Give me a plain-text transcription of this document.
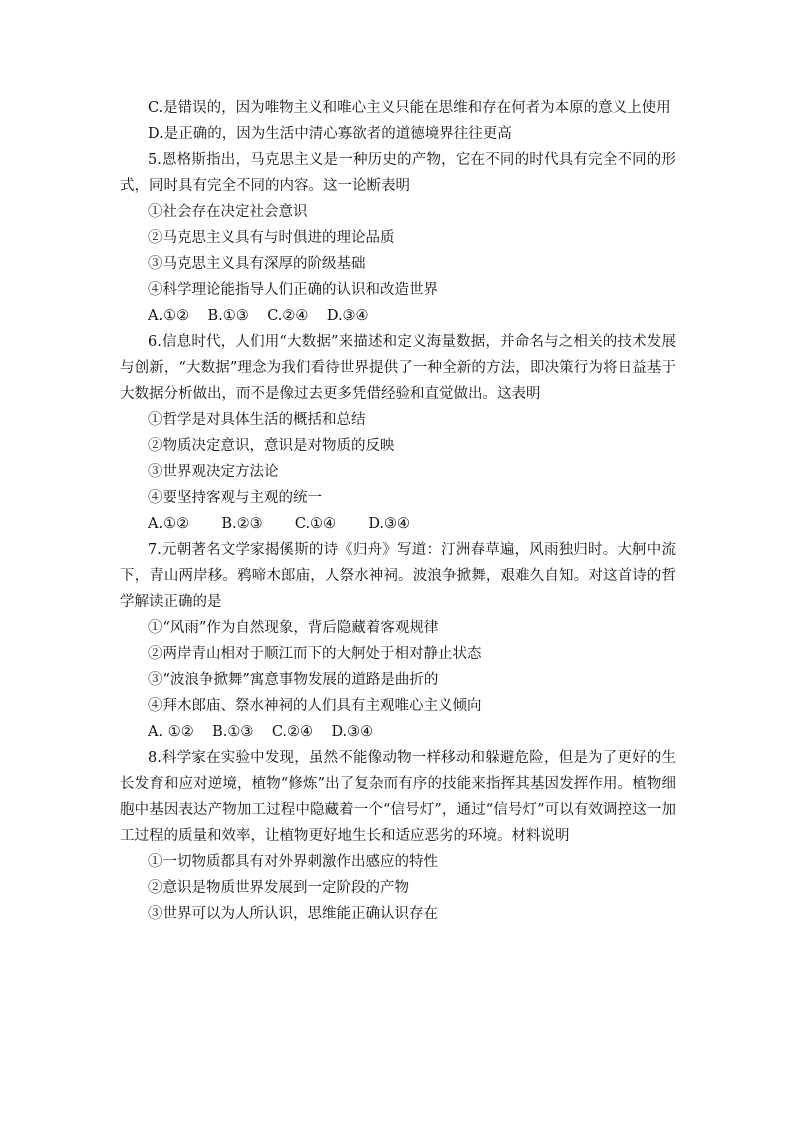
C.是错误的，因为唯物主义和唯心主义只能在思维和存在何者为本原的意义上使用

D.是正确的，因为生活中清心寡欲者的道德境界往往更高

5.恩格斯指出，马克思主义是一种历史的产物，它在不同的时代具有完全不同的形式，同时具有完全不同的内容。这一论断表明

①社会存在决定社会意识

②马克思主义具有与时俱进的理论品质

③马克思主义具有深厚的阶级基础

④科学理论能指导人们正确的认识和改造世界

A.①②    B.①③    C.②④    D.③④

6.信息时代，人们用“大数据”来描述和定义海量数据，并命名与之相关的技术发展与创新，“大数据”理念为我们看待世界提供了一种全新的方法，即决策行为将日益基于大数据分析做出，而不是像过去更多凭借经验和直觉做出。这表明

①哲学是对具体生活的概括和总结

②物质决定意识，意识是对物质的反映

③世界观决定方法论

④要坚持客观与主观的统一

A.①②       B.②③       C.①④       D.③④

7.元朝著名文学家揭傒斯的诗《归舟》写道：汀洲春草遍，风雨独归时。大舸中流下，青山两岸移。鸦啼木郎庙，人祭水神祠。波浪争掀舞，艰难久自知。对这首诗的哲学解读正确的是

①“风雨”作为自然现象，背后隐藏着客观规律

②两岸青山相对于顺江而下的大舸处于相对静止状态

③“波浪争掀舞”寓意事物发展的道路是曲折的

④拜木郎庙、祭水神祠的人们具有主观唯心主义倾向

A. ①②    B.①③    C.②④    D.③④

8.科学家在实验中发现，虽然不能像动物一样移动和躲避危险，但是为了更好的生长发育和应对逆境，植物“修炼”出了复杂而有序的技能来指挥其基因发挥作用。植物细胞中基因表达产物加工过程中隐藏着一个“信号灯”，通过“信号灯”可以有效调控这一加工过程的质量和效率，让植物更好地生长和适应恶劣的环境。材料说明

①一切物质都具有对外界刺激作出感应的特性

②意识是物质世界发展到一定阶段的产物

③世界可以为人所认识，思维能正确认识存在
